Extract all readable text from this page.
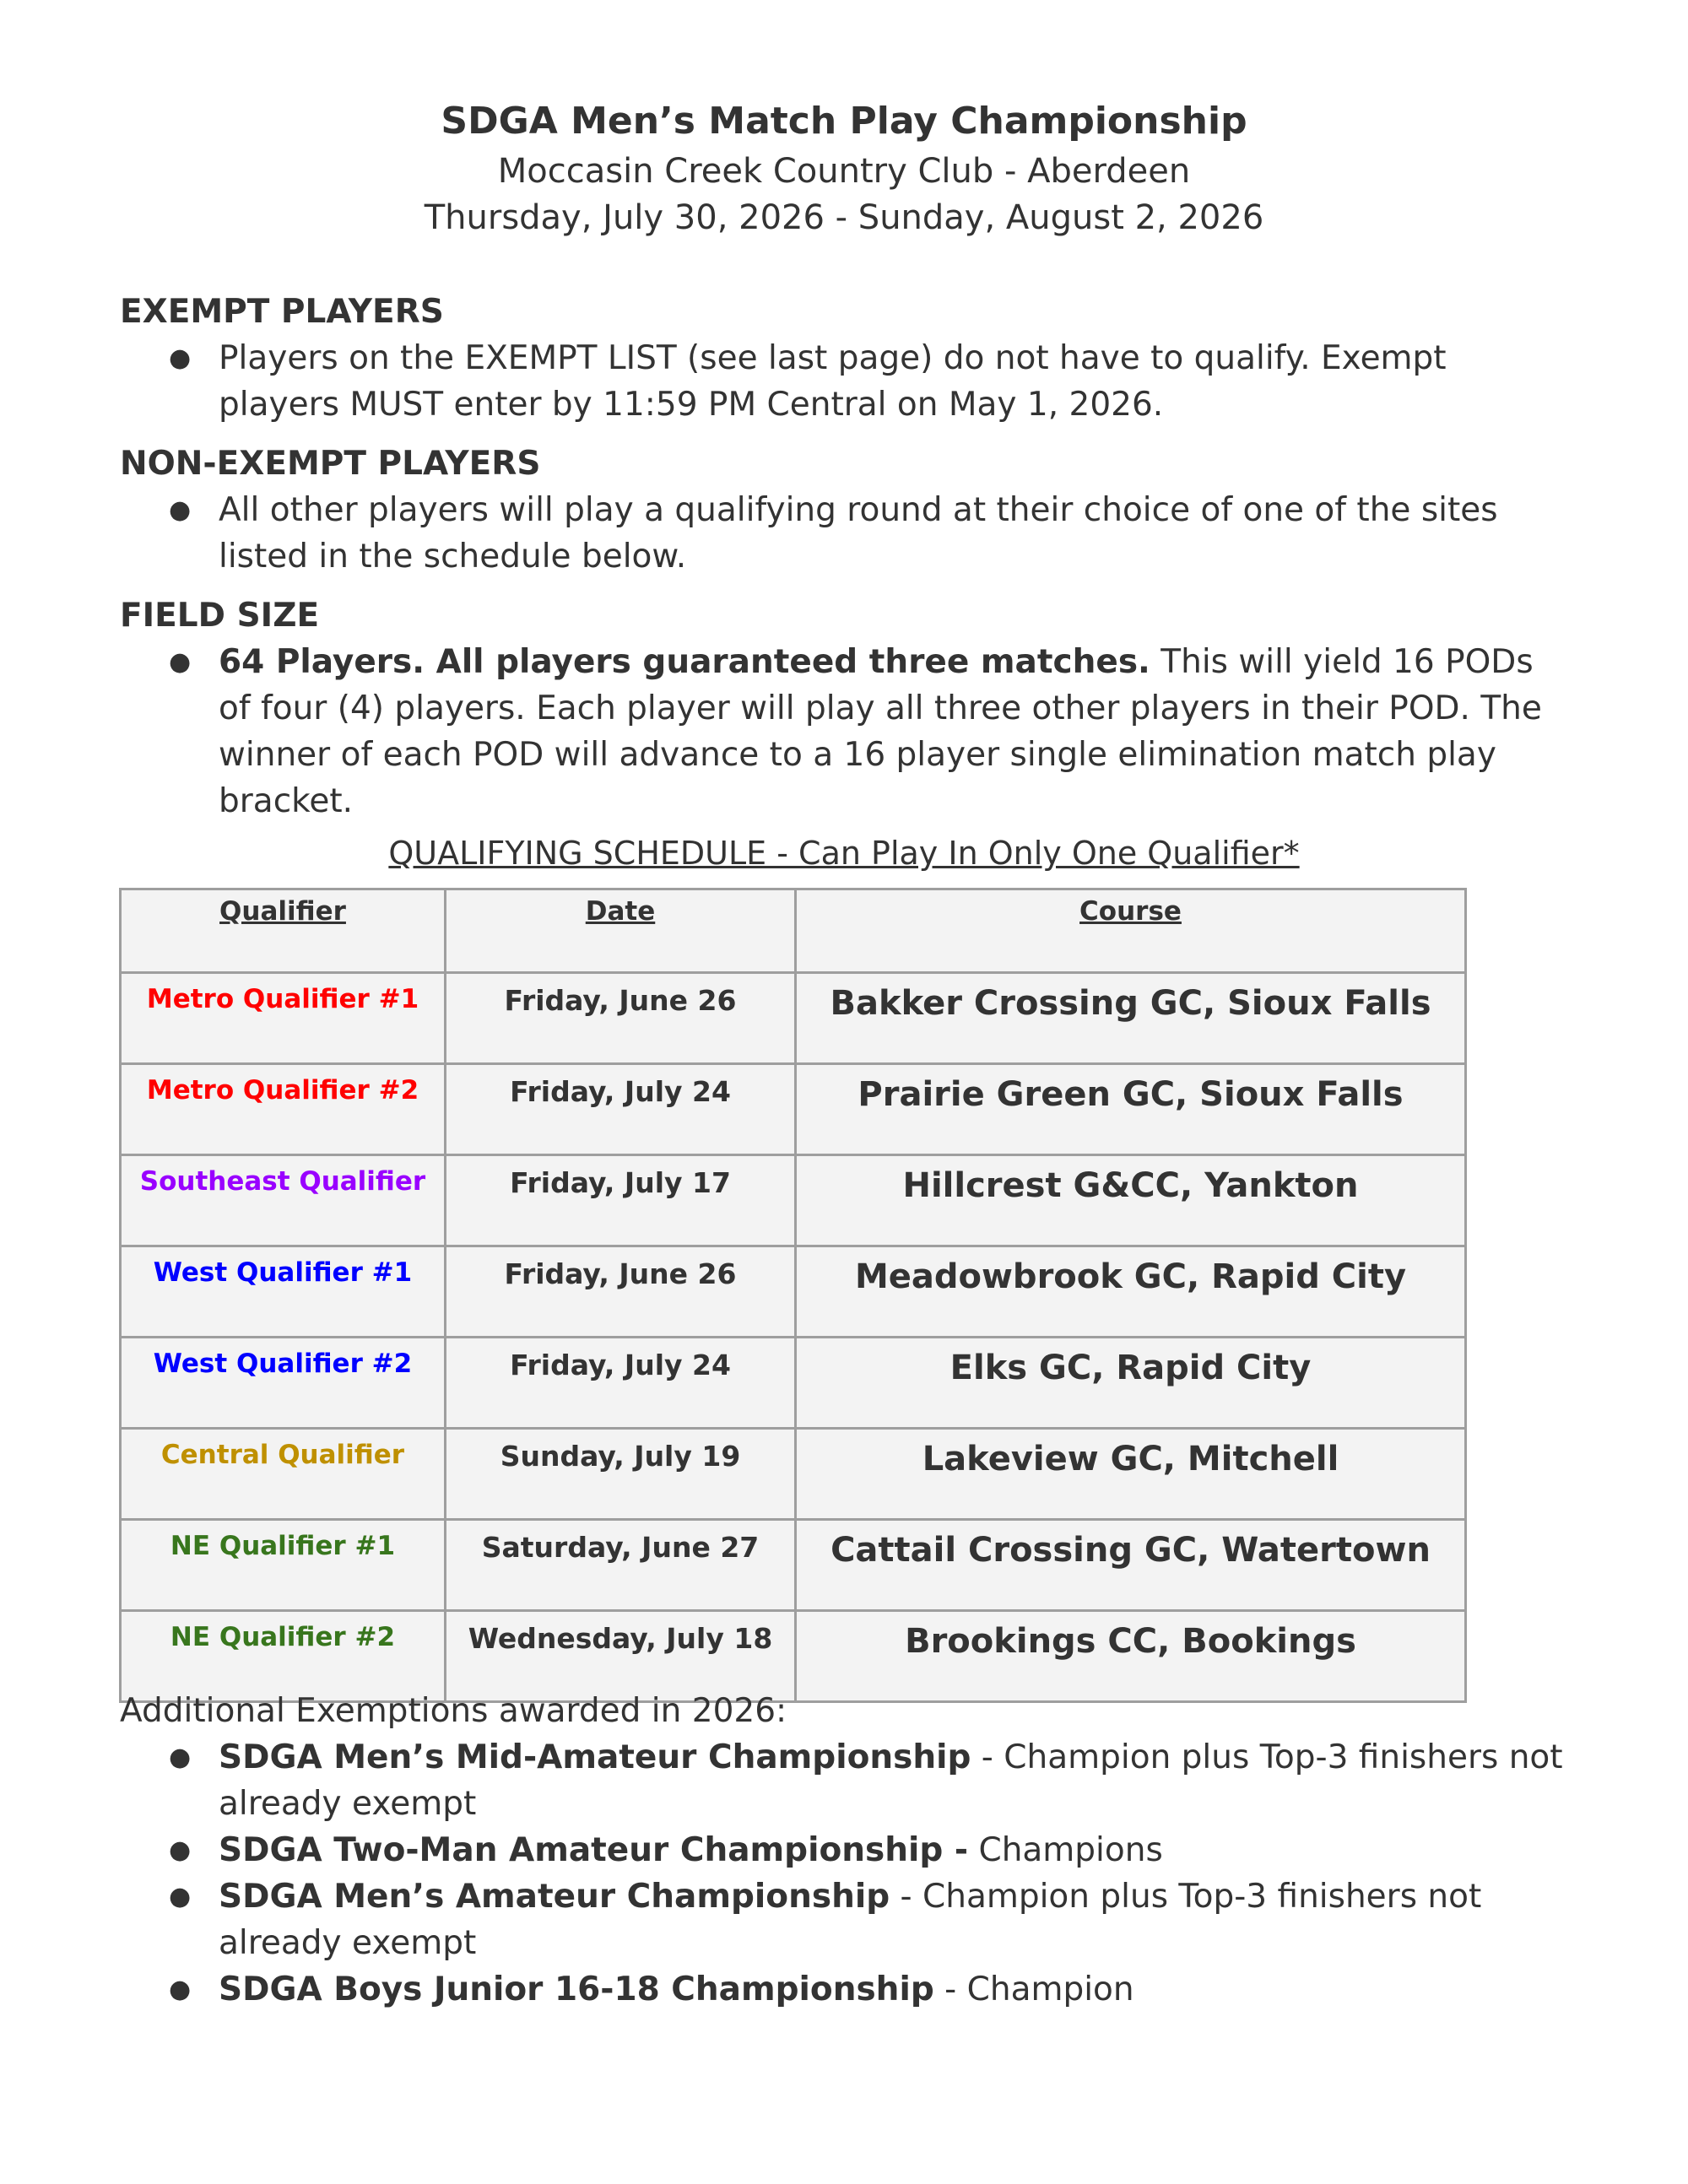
SDGA Men’s Match Play Championship
Moccasin Creek Country Club - Aberdeen
Thursday, July 30, 2026 - Sunday, August 2, 2026
EXEMPT PLAYERS
● Players on the EXEMPT LIST (see last page) do not have to qualify. Exempt players MUST enter by 11:59 PM Central on May 1, 2026.
NON-EXEMPT PLAYERS
● All other players will play a qualifying round at their choice of one of the sites listed in the schedule below.
FIELD SIZE
● 64 Players. All players guaranteed three matches. This will yield 16 PODs of four (4) players. Each player will play all three other players in their POD. The winner of each POD will advance to a 16 player single elimination match play bracket.
QUALIFYING SCHEDULE - Can Play In Only One Qualifier*
Qualifier	Date	Course
Metro Qualifier #1	Friday, June 26	Bakker Crossing GC, Sioux Falls
Metro Qualifier #2	Friday, July 24	Prairie Green GC, Sioux Falls
Southeast Qualifier	Friday, July 17	Hillcrest G&CC, Yankton
West Qualifier #1	Friday, June 26	Meadowbrook GC, Rapid City
West Qualifier #2	Friday, July 24	Elks GC, Rapid City
Central Qualifier	Sunday, July 19	Lakeview GC, Mitchell
NE Qualifier #1	Saturday, June 27	Cattail Crossing GC, Watertown
NE Qualifier #2	Wednesday, July 18	Brookings CC, Bookings
Additional Exemptions awarded in 2026:
● SDGA Men’s Mid-Amateur Championship - Champion plus Top-3 finishers not already exempt
● SDGA Two-Man Amateur Championship - Champions
● SDGA Men’s Amateur Championship - Champion plus Top-3 finishers not already exempt
● SDGA Boys Junior 16-18 Championship - Champion
